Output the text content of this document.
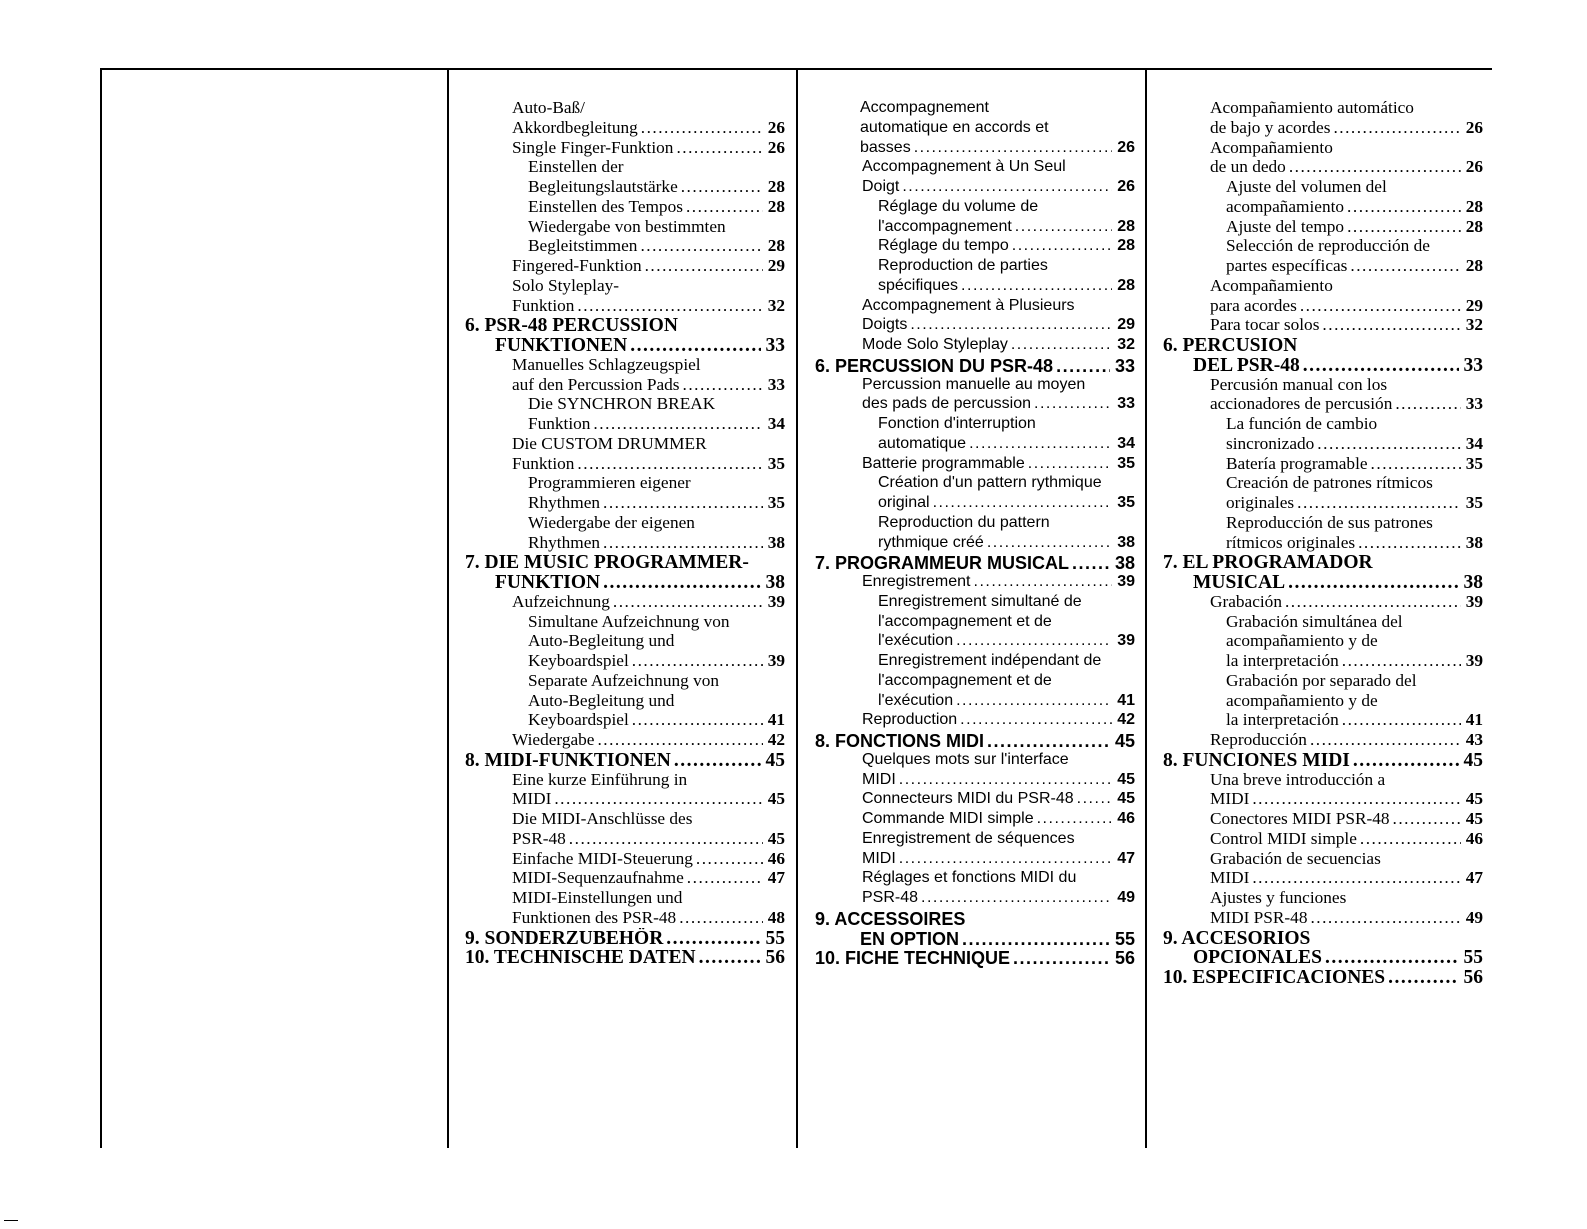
Auto-Baß/
Akkordbegleitung .....	26
Single Finger-Funktion .....	26
Einstellen der
Begleitungslautstärke .....	28
Einstellen des Tempos .....	28
Wiedergabe von bestimmten
Begleitstimmen .....	28
Fingered-Funktion .....	29
Solo Styleplay-
Funktion .....	32
6. PSR-48 PERCUSSION
FUNKTIONEN .....	33
Manuelles Schlagzeugspiel
auf den Percussion Pads .....	33
Die SYNCHRON BREAK
Funktion .....	34
Die CUSTOM DRUMMER
Funktion .....	35
Programmieren eigener
Rhythmen .....	35
Wiedergabe der eigenen
Rhythmen .....	38
7. DIE MUSIC PROGRAMMER-
FUNKTION .....	38
Aufzeichnung .....	39
Simultane Aufzeichnung von
Auto-Begleitung und
Keyboardspiel .....	39
Separate Aufzeichnung von
Auto-Begleitung und
Keyboardspiel .....	41
Wiedergabe .....	42
8. MIDI-FUNKTIONEN .....	45
Eine kurze Einführung in
MIDI .....	45
Die MIDI-Anschlüsse des
PSR-48 .....	45
Einfache MIDI-Steuerung .....	46
MIDI-Sequenzaufnahme .....	47
MIDI-Einstellungen und
Funktionen des PSR-48 .....	48
9. SONDERZUBEHÖR .....	55
10. TECHNISCHE DATEN .....	56
Accompagnement
automatique en accords et
basses .....	26
Accompagnement à Un Seul
Doigt .....	26
Réglage du volume de
l'accompagnement .....	28
Réglage du tempo .....	28
Reproduction de parties
spécifiques .....	28
Accompagnement à Plusieurs
Doigts .....	29
Mode Solo Styleplay .....	32
6. PERCUSSION DU PSR-48 .....	33
Percussion manuelle au moyen
des pads de percussion .....	33
Fonction d'interruption
automatique .....	34
Batterie programmable .....	35
Création d'un pattern rythmique
original .....	35
Reproduction du pattern
rythmique créé .....	38
7. PROGRAMMEUR MUSICAL .....	38
Enregistrement .....	39
Enregistrement simultané de
l'accompagnement et de
l'exécution .....	39
Enregistrement indépendant de
l'accompagnement et de
l'exécution .....	41
Reproduction .....	42
8. FONCTIONS MIDI .....	45
Quelques mots sur l'interface
MIDI .....	45
Connecteurs MIDI du PSR-48 .....	45
Commande MIDI simple .....	46
Enregistrement de séquences
MIDI .....	47
Réglages et fonctions MIDI du
PSR-48 .....	49
9. ACCESSOIRES
EN OPTION .....	55
10. FICHE TECHNIQUE .....	56
Acompañamiento automático
de bajo y acordes .....	26
Acompañamiento
de un dedo .....	26
Ajuste del volumen del
acompañamiento .....	28
Ajuste del tempo .....	28
Selección de reproducción de
partes específicas .....	28
Acompañamiento
para acordes .....	29
Para tocar solos .....	32
6. PERCUSION
DEL PSR-48 .....	33
Percusión manual con los
accionadores de percusión .....	33
La función de cambio
sincronizado .....	34
Batería programable .....	35
Creación de patrones rítmicos
originales .....	35
Reproducción de sus patrones
rítmicos originales .....	38
7. EL PROGRAMADOR
MUSICAL .....	38
Grabación .....	39
Grabación simultánea del
acompañamiento y de
la interpretación .....	39
Grabación por separado del
acompañamiento y de
la interpretación .....	41
Reproducción .....	43
8. FUNCIONES MIDI .....	45
Una breve introducción a
MIDI .....	45
Conectores MIDI PSR-48 .....	45
Control MIDI simple .....	46
Grabación de secuencias
MIDI .....	47
Ajustes y funciones
MIDI PSR-48 .....	49
9. ACCESORIOS
OPCIONALES .....	55
10. ESPECIFICACIONES .....	56
